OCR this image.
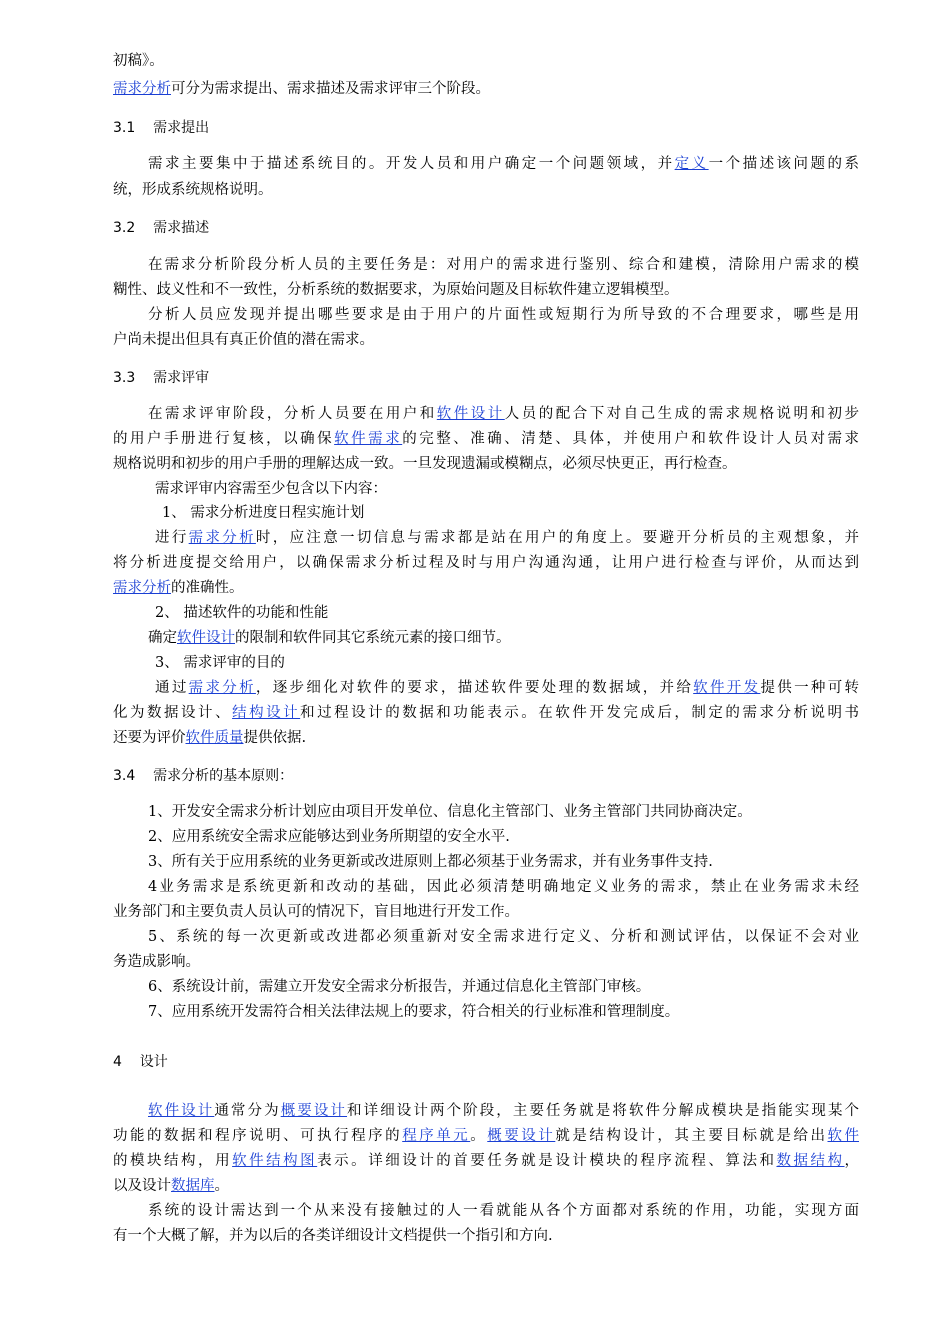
初稿》。
需求分析可分为需求提出、需求描述及需求评审三个阶段。
3.1 需求提出
需求主要集中于描述系统目的。开发人员和用户确定一个问题领域，并定义一个描述该问题的系
统，形成系统规格说明。
3.2 需求描述
在需求分析阶段分析人员的主要任务是：对用户的需求进行鉴别、综合和建模，清除用户需求的模
糊性、歧义性和不一致性，分析系统的数据要求，为原始问题及目标软件建立逻辑模型。
分析人员应发现并提出哪些要求是由于用户的片面性或短期行为所导致的不合理要求，哪些是用
户尚未提出但具有真正价值的潜在需求。
3.3 需求评审
在需求评审阶段，分析人员要在用户和软件设计人员的配合下对自己生成的需求规格说明和初步
的用户手册进行复核，以确保软件需求的完整、准确、清楚、具体，并使用户和软件设计人员对需求
规格说明和初步的用户手册的理解达成一致。一旦发现遗漏或模糊点，必须尽快更正，再行检查。
需求评审内容需至少包含以下内容：
1、 需求分析进度日程实施计划
进行需求分析时，应注意一切信息与需求都是站在用户的角度上。要避开分析员的主观想象，并
将分析进度提交给用户，以确保需求分析过程及时与用户沟通沟通，让用户进行检查与评价，从而达到
需求分析的准确性。
2、 描述软件的功能和性能
确定软件设计的限制和软件同其它系统元素的接口细节。
3、 需求评审的目的
通过需求分析，逐步细化对软件的要求，描述软件要处理的数据域，并给软件开发提供一种可转
化为数据设计、结构设计和过程设计的数据和功能表示。在软件开发完成后，制定的需求分析说明书
还要为评价软件质量提供依据.
3.4 需求分析的基本原则：
1、开发安全需求分析计划应由项目开发单位、信息化主管部门、业务主管部门共同协商决定。
2、应用系统安全需求应能够达到业务所期望的安全水平.
3、所有关于应用系统的业务更新或改进原则上都必须基于业务需求，并有业务事件支持.
4业务需求是系统更新和改动的基础，因此必须清楚明确地定义业务的需求，禁止在业务需求未经
业务部门和主要负责人员认可的情况下，盲目地进行开发工作。
5、系统的每一次更新或改进都必须重新对安全需求进行定义、分析和测试评估，以保证不会对业
务造成影响。
6、系统设计前，需建立开发安全需求分析报告，并通过信息化主管部门审核。
7、应用系统开发需符合相关法律法规上的要求，符合相关的行业标准和管理制度。
4 设计
软件设计通常分为概要设计和详细设计两个阶段，主要任务就是将软件分解成模块是指能实现某个
功能的数据和程序说明、可执行程序的程序单元。概要设计就是结构设计，其主要目标就是给出软件
的模块结构，用软件结构图表示。详细设计的首要任务就是设计模块的程序流程、算法和数据结构，
以及设计数据库。
系统的设计需达到一个从来没有接触过的人一看就能从各个方面都对系统的作用，功能，实现方面
有一个大概了解，并为以后的各类详细设计文档提供一个指引和方向.
